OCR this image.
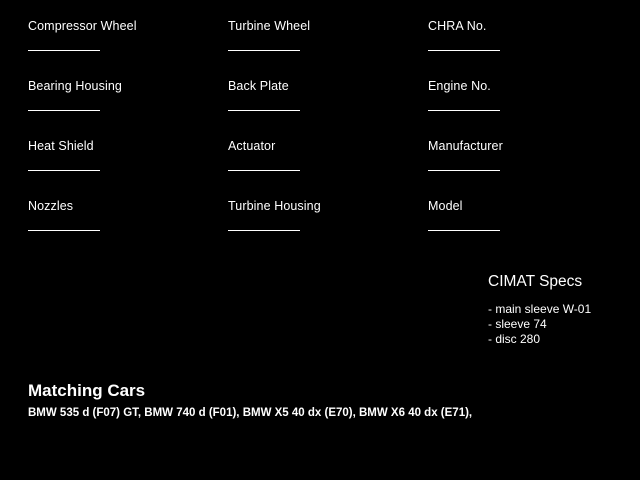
Compressor Wheel	Turbine Wheel	CHRA No.
Bearing Housing	Back Plate	Engine No.
Heat Shield	Actuator	Manufacturer
Nozzles	Turbine Housing	Model
CIMAT Specs
- main sleeve W-01
- sleeve 74
- disc 280
Matching Cars
BMW 535 d (F07) GT, BMW 740 d (F01), BMW X5 40 dx (E70), BMW X6 40 dx (E71),
